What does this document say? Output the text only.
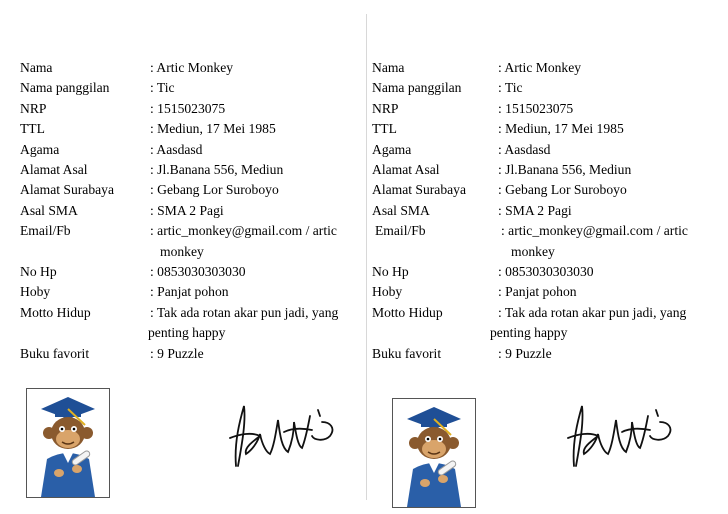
Nama	: Artic Monkey
Nama panggilan	: Tic
NRP	: 1515023075
TTL	: Mediun, 17 Mei 1985
Agama	: Aasdasd
Alamat Asal	: Jl.Banana 556, Mediun
Alamat Surabaya	: Gebang Lor Suroboyo
Asal SMA	: SMA 2 Pagi
Email/Fb	: artic_monkey@gmail.com / artic
monkey
No Hp	: 0853030303030
Hoby	: Panjat pohon
Motto Hidup	: Tak ada rotan akar pun jadi, yang
penting happy
Buku favorit	: 9 Puzzle
Nama	: Artic Monkey
Nama panggilan	: Tic
NRP	: 1515023075
TTL	: Mediun, 17 Mei 1985
Agama	: Aasdasd
Alamat Asal	: Jl.Banana 556, Mediun
Alamat Surabaya	: Gebang Lor Suroboyo
Asal SMA	: SMA 2 Pagi
Email/Fb	: artic_monkey@gmail.com / artic
monkey
No Hp	: 0853030303030
Hoby	: Panjat pohon
Motto Hidup	: Tak ada rotan akar pun jadi, yang
penting happy
Buku favorit	: 9 Puzzle
